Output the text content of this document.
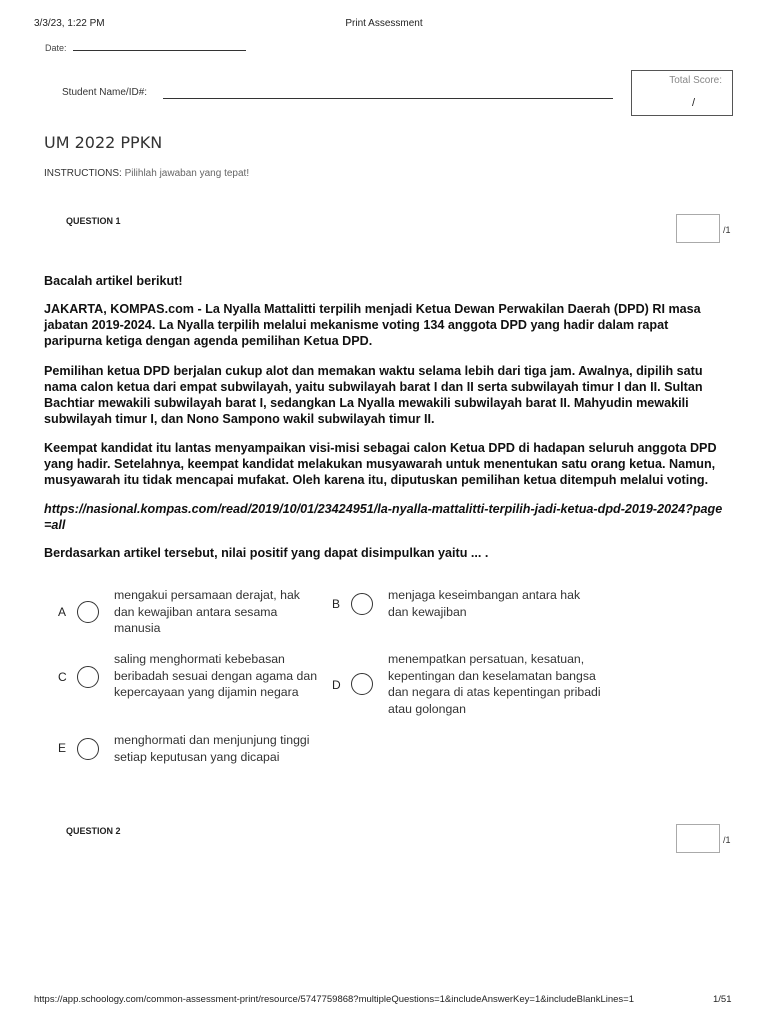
3/3/23, 1:22 PM	Print Assessment
Date:
Student Name/ID#:
Total Score:
/
UM 2022 PPKN
INSTRUCTIONS: Pilihlah jawaban yang tepat!
QUESTION 1
/1

Bacalah artikel berikut!

JAKARTA, KOMPAS.com - La Nyalla Mattalitti terpilih menjadi Ketua Dewan Perwakilan Daerah (DPD) RI masa jabatan 2019-2024. La Nyalla terpilih melalui mekanisme voting 134 anggota DPD yang hadir dalam rapat paripurna ketiga dengan agenda pemilihan Ketua DPD.

Pemilihan ketua DPD berjalan cukup alot dan memakan waktu selama lebih dari tiga jam. Awalnya, dipilih satu nama calon ketua dari empat subwilayah, yaitu subwilayah barat I dan II serta subwilayah timur I dan II. Sultan Bachtiar mewakili subwilayah barat I, sedangkan La Nyalla mewakili subwilayah barat II. Mahyudin mewakili subwilayah timur I, dan Nono Sampono wakil subwilayah timur II.

Keempat kandidat itu lantas menyampaikan visi-misi sebagai calon Ketua DPD di hadapan seluruh anggota DPD yang hadir. Setelahnya, keempat kandidat melakukan musyawarah untuk menentukan satu orang ketua. Namun, musyawarah itu tidak mencapai mufakat. Oleh karena itu, diputuskan pemilihan ketua ditempuh melalui voting.

https://nasional.kompas.com/read/2019/10/01/23424951/la-nyalla-mattalitti-terpilih-jadi-ketua-dpd-2019-2024?page=all

Berdasarkan artikel tersebut, nilai positif yang dapat disimpulkan yaitu ... .

A
mengakui persamaan derajat, hak dan kewajiban antara sesama manusia
B
menjaga keseimbangan antara hak dan kewajiban
C
saling menghormati kebebasan beribadah sesuai dengan agama dan kepercayaan yang dijamin negara	D
menempatkan persatuan, kesatuan, kepentingan dan keselamatan bangsa dan negara di atas kepentingan pribadi atau golongan
E
menghormati dan menjunjung tinggi setiap keputusan yang dicapai
QUESTION 2
/1
https://app.schoology.com/common-assessment-print/resource/5747759868?multipleQuestions=1&includeAnswerKey=1&includeBlankLines=1	1/51
